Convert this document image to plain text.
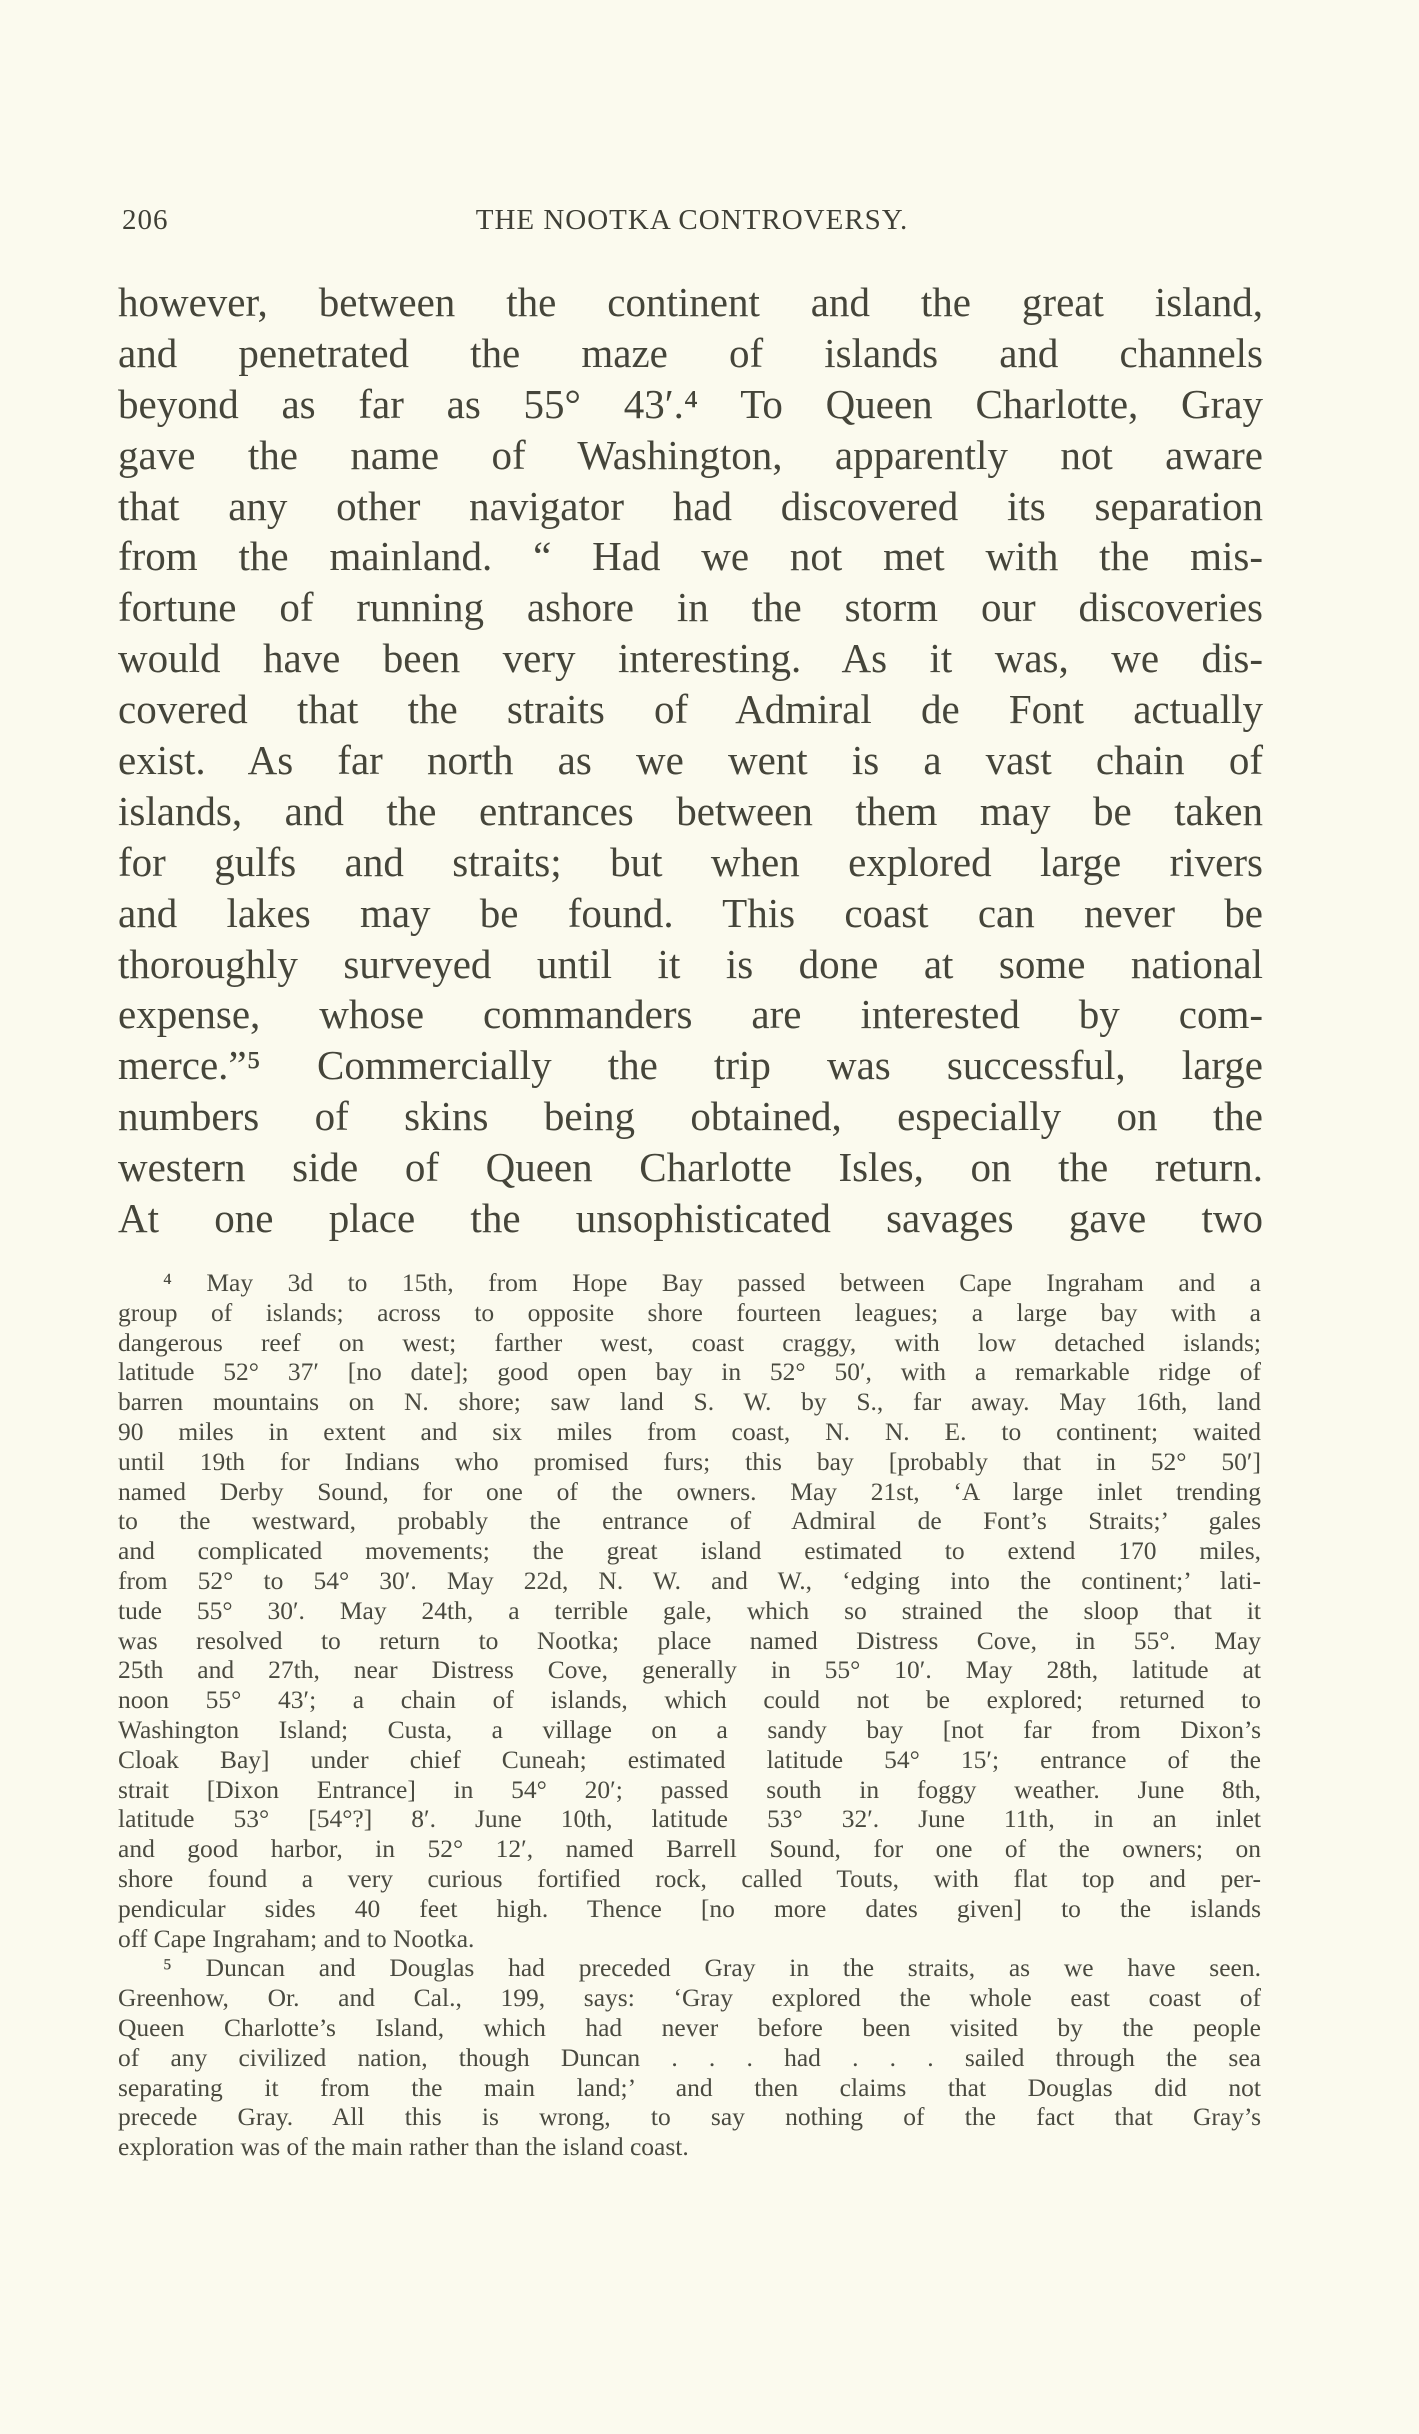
206	THE NOOTKA CONTROVERSY.
however, between the continent and the great island,
and penetrated the maze of islands and channels
beyond as far as 55° 43′.⁴ To Queen Charlotte, Gray
gave the name of Washington, apparently not aware
that any other navigator had discovered its separation
from the mainland. “ Had we not met with the mis-
fortune of running ashore in the storm our discoveries
would have been very interesting. As it was, we dis-
covered that the straits of Admiral de Font actually
exist. As far north as we went is a vast chain of
islands, and the entrances between them may be taken
for gulfs and straits; but when explored large rivers
and lakes may be found. This coast can never be
thoroughly surveyed until it is done at some national
expense, whose commanders are interested by com-
merce.”⁵ Commercially the trip was successful, large
numbers of skins being obtained, especially on the
western side of Queen Charlotte Isles, on the return.
At one place the unsophisticated savages gave two
⁴ May 3d to 15th, from Hope Bay passed between Cape Ingraham and a
group of islands; across to opposite shore fourteen leagues; a large bay with a
dangerous reef on west; farther west, coast craggy, with low detached islands;
latitude 52° 37′ [no date]; good open bay in 52° 50′, with a remarkable ridge of
barren mountains on N. shore; saw land S. W. by S., far away. May 16th, land
90 miles in extent and six miles from coast, N. N. E. to continent; waited
until 19th for Indians who promised furs; this bay [probably that in 52° 50′]
named Derby Sound, for one of the owners. May 21st, ‘A large inlet trending
to the westward, probably the entrance of Admiral de Font’s Straits;’ gales
and complicated movements; the great island estimated to extend 170 miles,
from 52° to 54° 30′. May 22d, N. W. and W., ‘edging into the continent;’ lati-
tude 55° 30′. May 24th, a terrible gale, which so strained the sloop that it
was resolved to return to Nootka; place named Distress Cove, in 55°. May
25th and 27th, near Distress Cove, generally in 55° 10′. May 28th, latitude at
noon 55° 43′; a chain of islands, which could not be explored; returned to
Washington Island; Custa, a village on a sandy bay [not far from Dixon’s
Cloak Bay] under chief Cuneah; estimated latitude 54° 15′; entrance of the
strait [Dixon Entrance] in 54° 20′; passed south in foggy weather. June 8th,
latitude 53° [54°?] 8′. June 10th, latitude 53° 32′. June 11th, in an inlet
and good harbor, in 52° 12′, named Barrell Sound, for one of the owners; on
shore found a very curious fortified rock, called Touts, with flat top and per-
pendicular sides 40 feet high. Thence [no more dates given] to the islands
off Cape Ingraham; and to Nootka.
⁵ Duncan and Douglas had preceded Gray in the straits, as we have seen.
Greenhow, Or. and Cal., 199, says: ‘Gray explored the whole east coast of
Queen Charlotte’s Island, which had never before been visited by the people
of any civilized nation, though Duncan . . . had . . . sailed through the sea
separating it from the main land;’ and then claims that Douglas did not
precede Gray. All this is wrong, to say nothing of the fact that Gray’s
exploration was of the main rather than the island coast.
